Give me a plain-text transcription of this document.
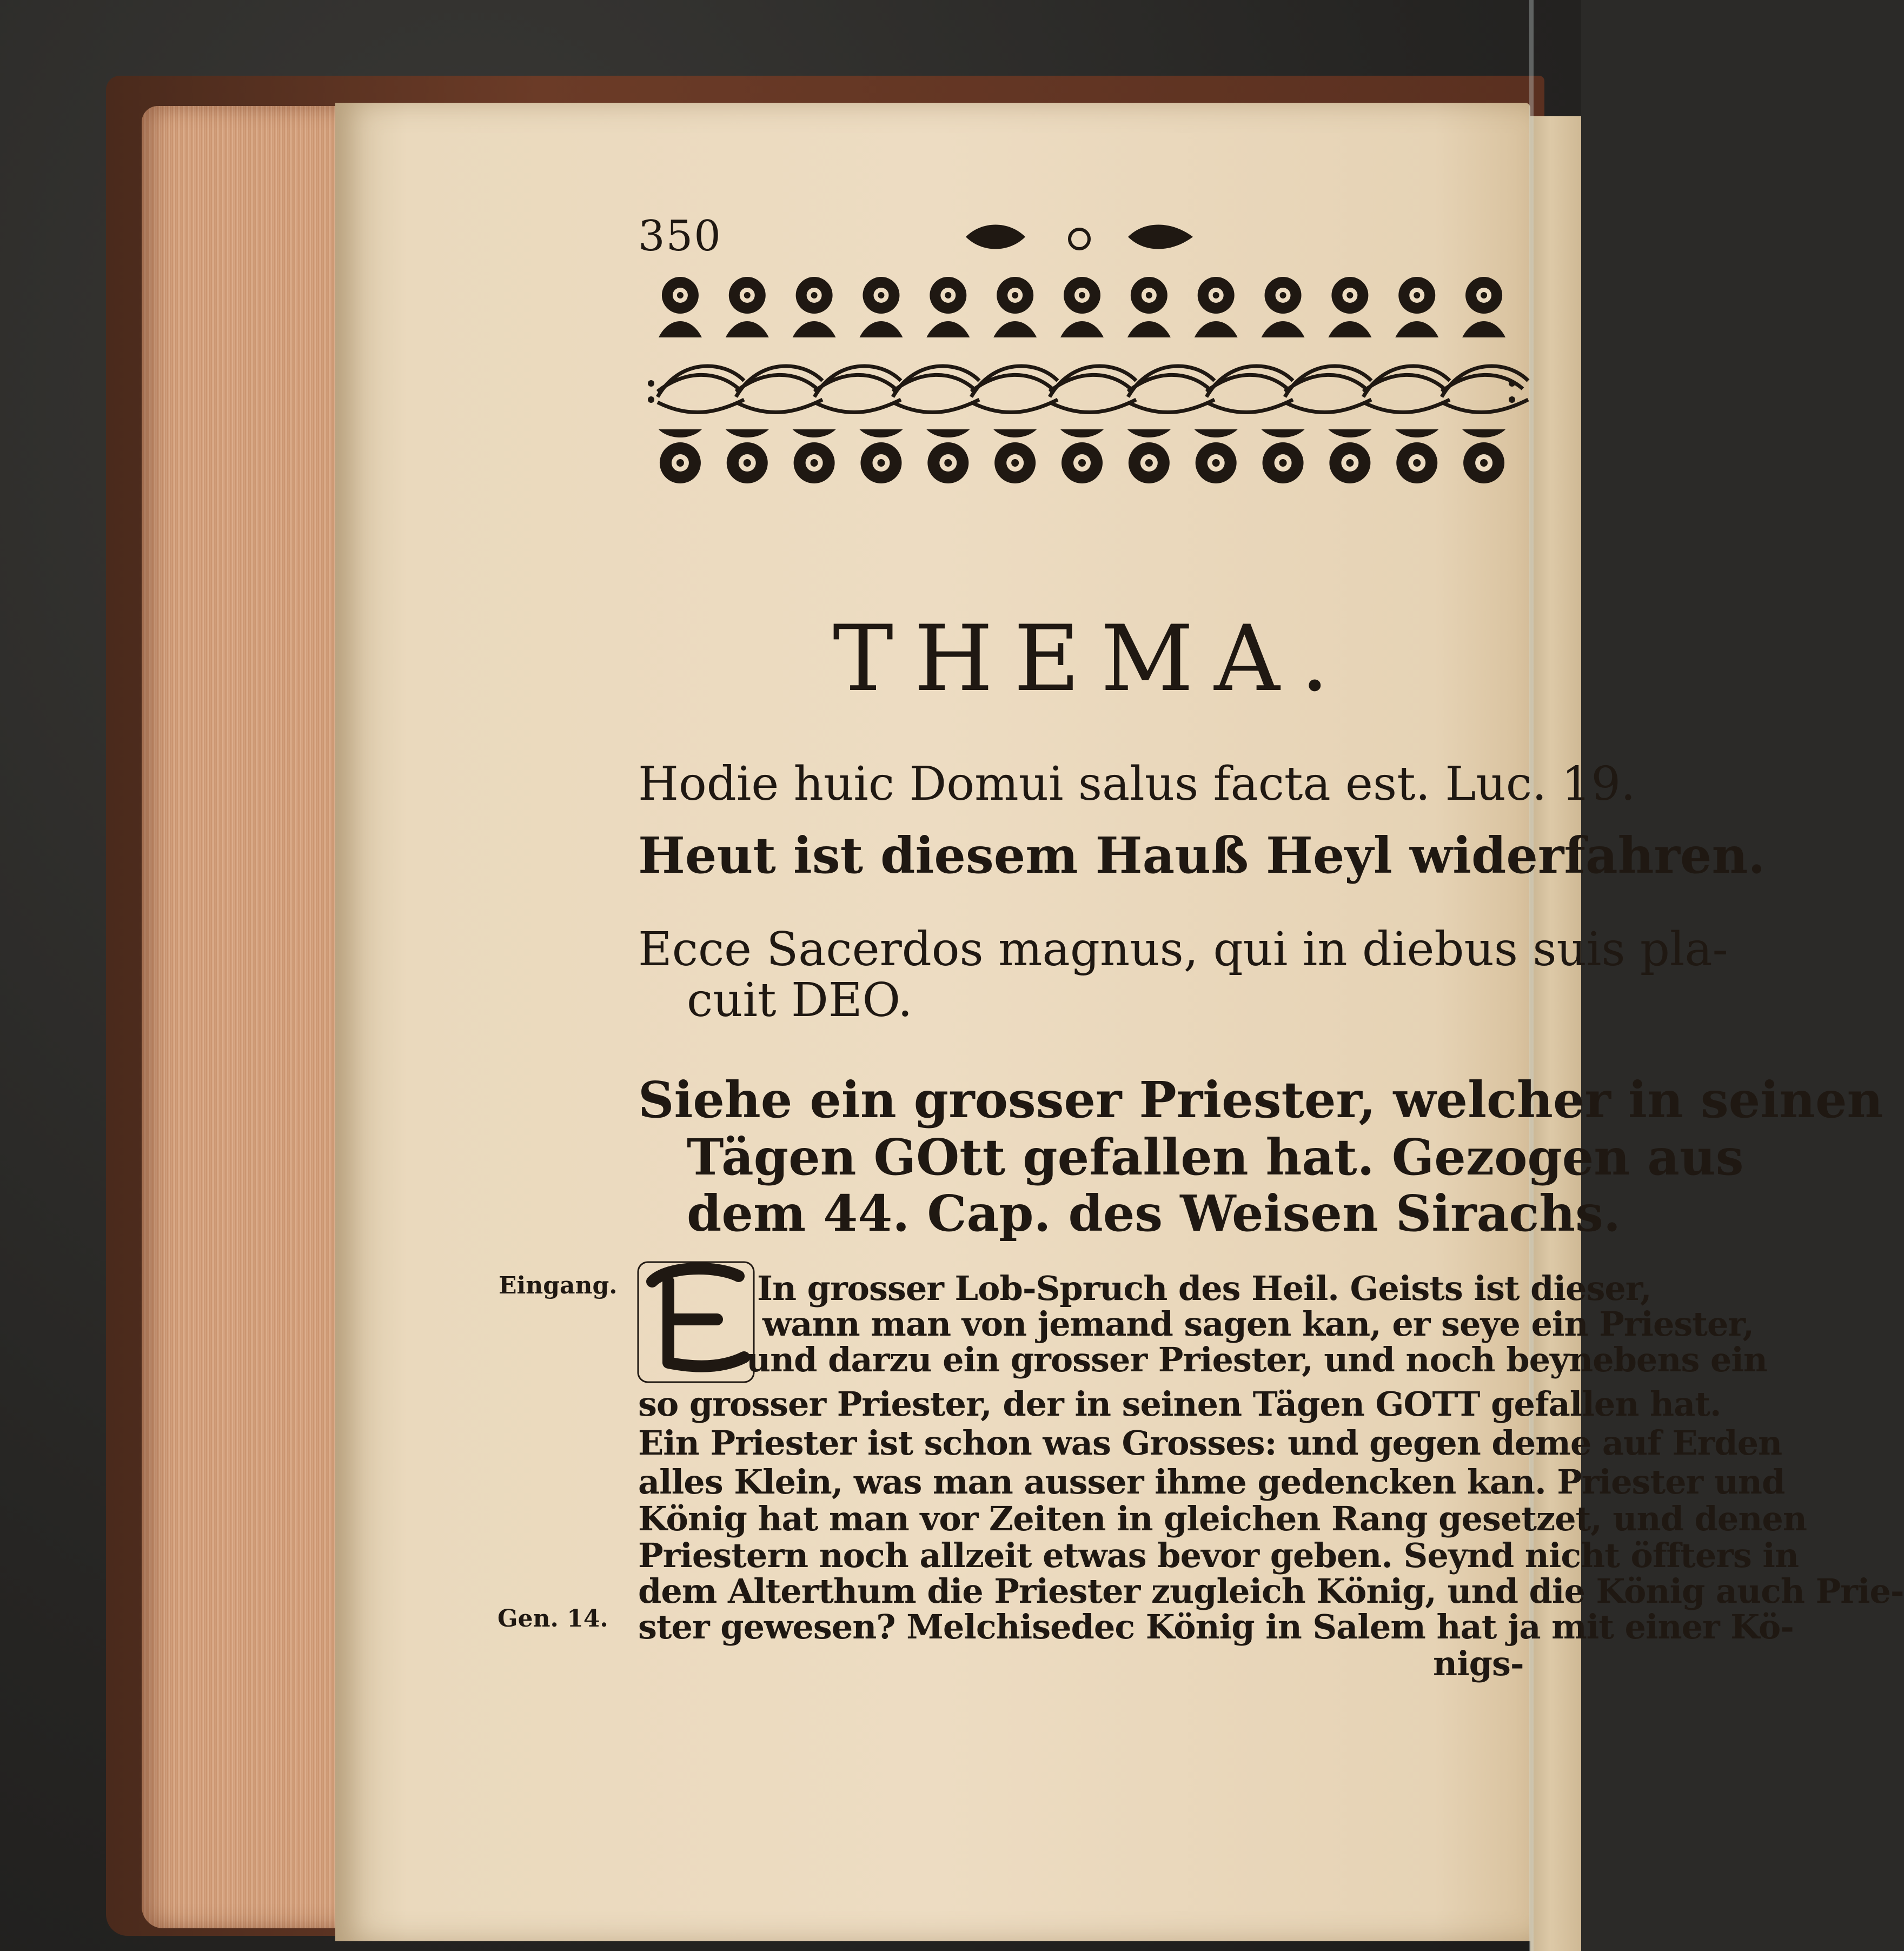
350
THEMA.
Hodie huic Domui salus facta est. Luc. 19.
Heut ist diesem Hauß Heyl widerfahren.
Ecce Sacerdos magnus, qui in diebus suis pla-
cuit DEO.
Siehe ein grosser Priester, welcher in seinen
Tägen GOtt gefallen hat. Gezogen aus
dem 44. Cap. des Weisen Sirachs.
Eingang.
Gen. 14.
In grosser Lob-Spruch des Heil. Geists ist dieser,
wann man von jemand sagen kan, er seye ein Priester,
und darzu ein grosser Priester, und noch beynebens ein
so grosser Priester, der in seinen Tägen GOTT gefallen hat.
Ein Priester ist schon was Grosses: und gegen deme auf Erden
alles Klein, was man ausser ihme gedencken kan. Priester und
König hat man vor Zeiten in gleichen Rang gesetzet, und denen
Priestern noch allzeit etwas bevor geben. Seynd nicht öffters in
dem Alterthum die Priester zugleich König, und die König auch Prie-
ster gewesen? Melchisedec König in Salem hat ja mit einer Kö-
nigs-
